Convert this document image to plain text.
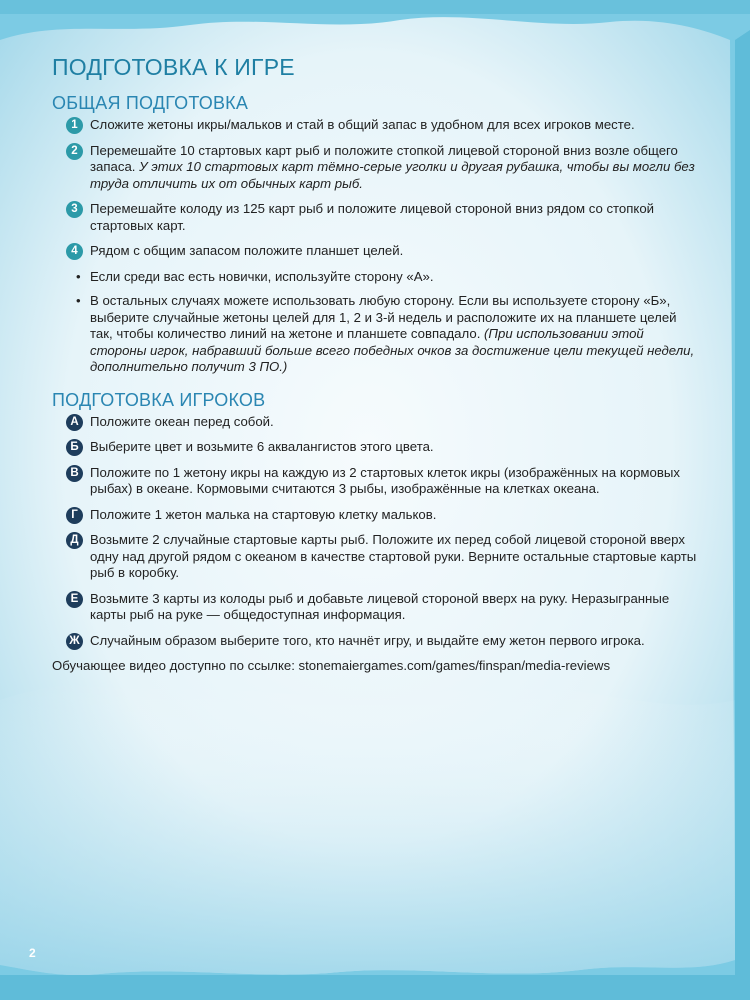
ПОДГОТОВКА К ИГРЕ
ОБЩАЯ ПОДГОТОВКА
1 Сложите жетоны икры/мальков и стай в общий запас в удобном для всех игроков месте.
2 Перемешайте 10 стартовых карт рыб и положите стопкой лицевой стороной вниз возле общего запаса. У этих 10 стартовых карт тёмно-серые уголки и другая рубашка, чтобы вы могли без труда отличить их от обычных карт рыб.
3 Перемешайте колоду из 125 карт рыб и положите лицевой стороной вниз рядом со стопкой стартовых карт.
4 Рядом с общим запасом положите планшет целей.
• Если среди вас есть новички, используйте сторону «А».
• В остальных случаях можете использовать любую сторону. Если вы используете сторону «Б», выберите случайные жетоны целей для 1, 2 и 3-й недель и расположите их на планшете целей так, чтобы количество линий на жетоне и планшете совпадало. (При использовании этой стороны игрок, набравший больше всего победных очков за достижение цели текущей недели, дополнительно получит 3 ПО.)
ПОДГОТОВКА ИГРОКОВ
А Положите океан перед собой.
Б Выберите цвет и возьмите 6 аквалангистов этого цвета.
В Положите по 1 жетону икры на каждую из 2 стартовых клеток икры (изображённых на кормовых рыбах) в океане. Кормовыми считаются 3 рыбы, изображённые на клетках океана.
Г Положите 1 жетон малька на стартовую клетку мальков.
Д Возьмите 2 случайные стартовые карты рыб. Положите их перед собой лицевой стороной вверх одну над другой рядом с океаном в качестве стартовой руки. Верните остальные стартовые карты рыб в коробку.
Е Возьмите 3 карты из колоды рыб и добавьте лицевой стороной вверх на руку. Неразыгранные карты рыб на руке — общедоступная информация.
Ж Случайным образом выберите того, кто начнёт игру, и выдайте ему жетон первого игрока.
Обучающее видео доступно по ссылке: stonemaiergames.com/games/finspan/media-reviews
2
